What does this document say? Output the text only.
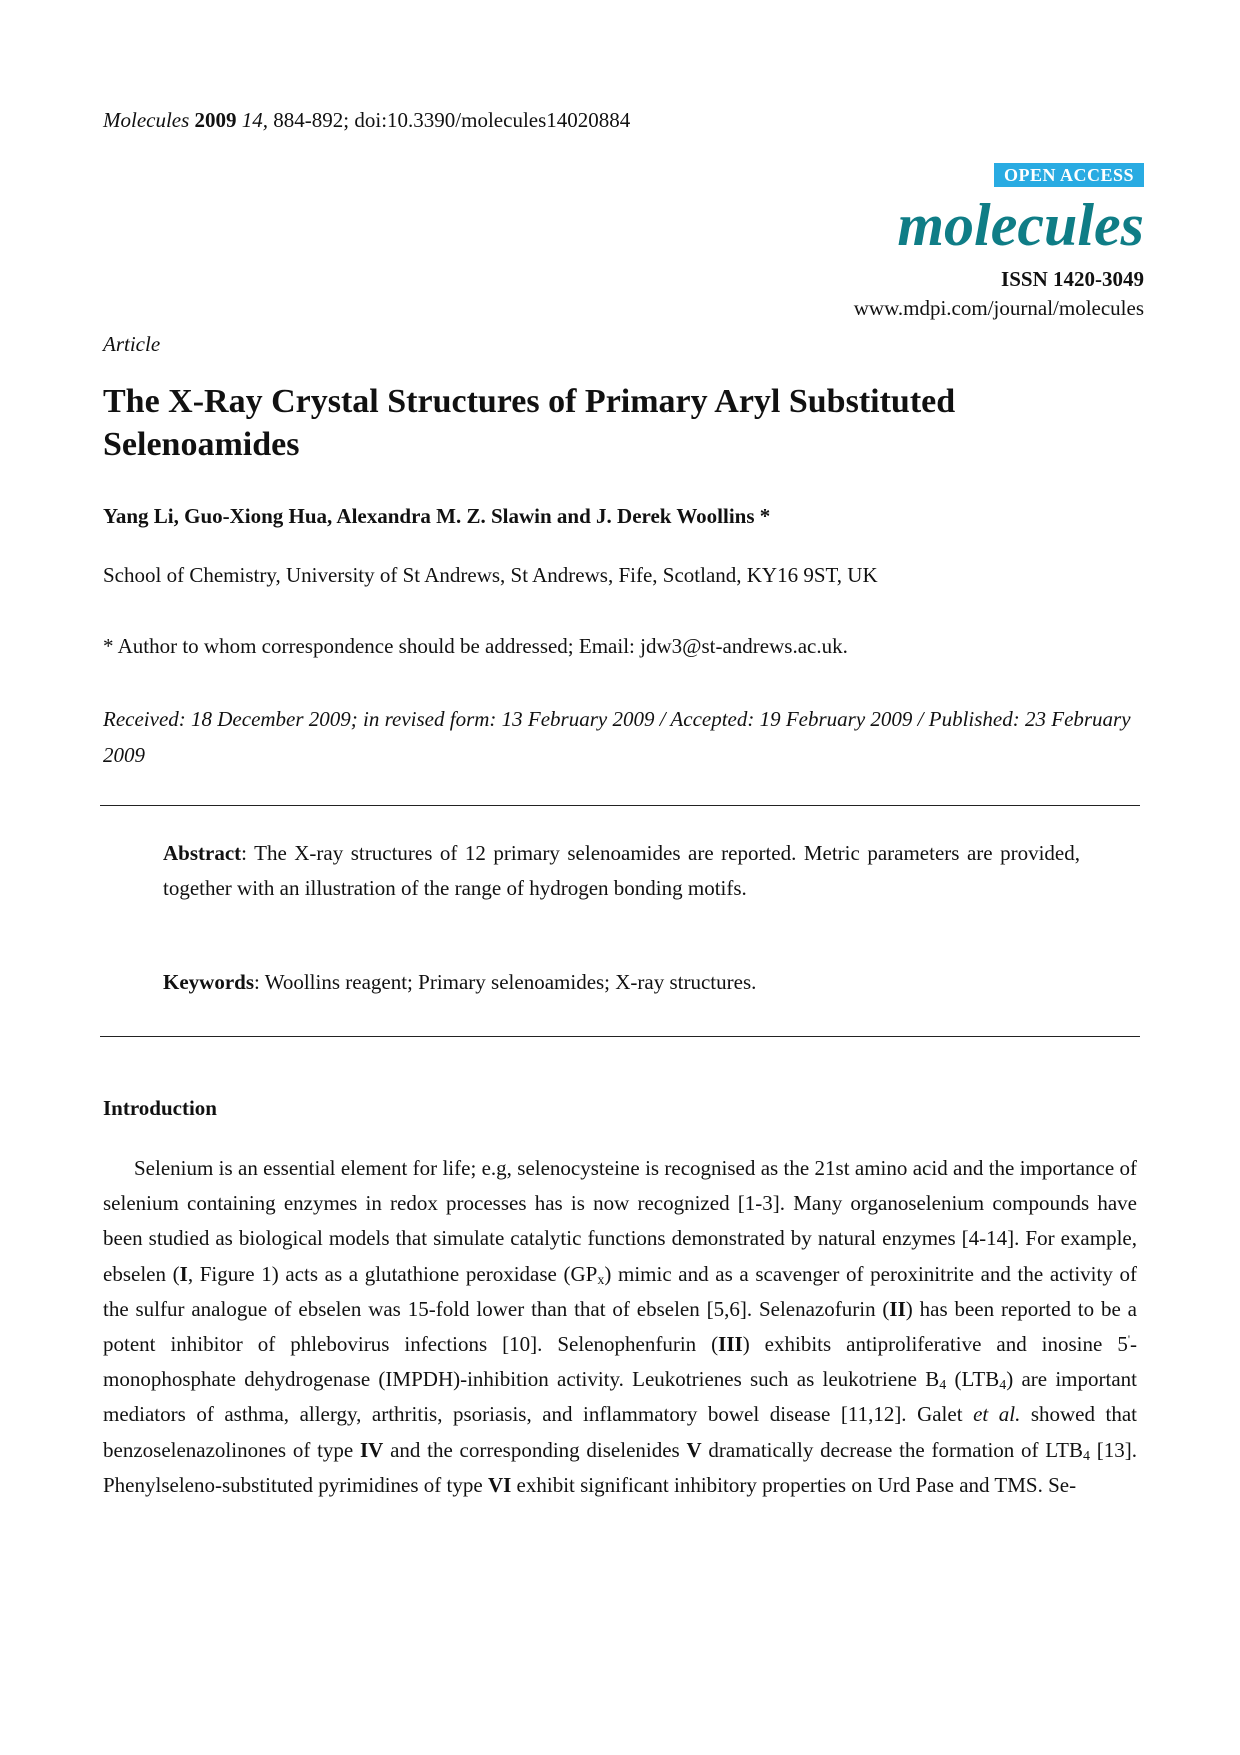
Molecules 2009 14, 884-892; doi:10.3390/molecules14020884
OPEN ACCESS
molecules
ISSN 1420-3049
www.mdpi.com/journal/molecules
Article
The X-Ray Crystal Structures of Primary Aryl Substituted Selenoamides
Yang Li, Guo-Xiong Hua, Alexandra M. Z. Slawin and J. Derek Woollins *
School of Chemistry, University of St Andrews, St Andrews, Fife, Scotland, KY16 9ST, UK
* Author to whom correspondence should be addressed; Email: jdw3@st-andrews.ac.uk.
Received: 18 December 2009; in revised form: 13 February 2009 / Accepted: 19 February 2009 / Published: 23 February 2009

Abstract: The X-ray structures of 12 primary selenoamides are reported. Metric parameters are provided, together with an illustration of the range of hydrogen bonding motifs.

Keywords: Woollins reagent; Primary selenoamides; X-ray structures.

Introduction

Selenium is an essential element for life; e.g, selenocysteine is recognised as the 21st amino acid and the importance of selenium containing enzymes in redox processes has is now recognized [1-3]. Many organoselenium compounds have been studied as biological models that simulate catalytic functions demonstrated by natural enzymes [4-14]. For example, ebselen (I, Figure 1) acts as a glutathione peroxidase $(GP_x)$ mimic and as a scavenger of peroxinitrite and the activity of the sulfur analogue of ebselen was 15-fold lower than that of ebselen [5,6]. Selenazofurin (II) has been reported to be a potent inhibitor of phlebovirus infections [10]. Selenophenfurin (III) exhibits antiproliferative and inosine 5'-monophosphate dehydrogenase (IMPDH)-inhibition activity. Leukotrienes such as leukotriene $B_4$ $(LTB_4)$ are important mediators of asthma, allergy, arthritis, psoriasis, and inflammatory bowel disease [11,12]. Galet et al. showed that benzoselenazolinones of type IV and the corresponding diselenides V dramatically decrease the formation of $LTB_4$ [13]. Phenylseleno-substituted pyrimidines of type VI exhibit significant inhibitory properties on Urd Pase and TMS. Se-
